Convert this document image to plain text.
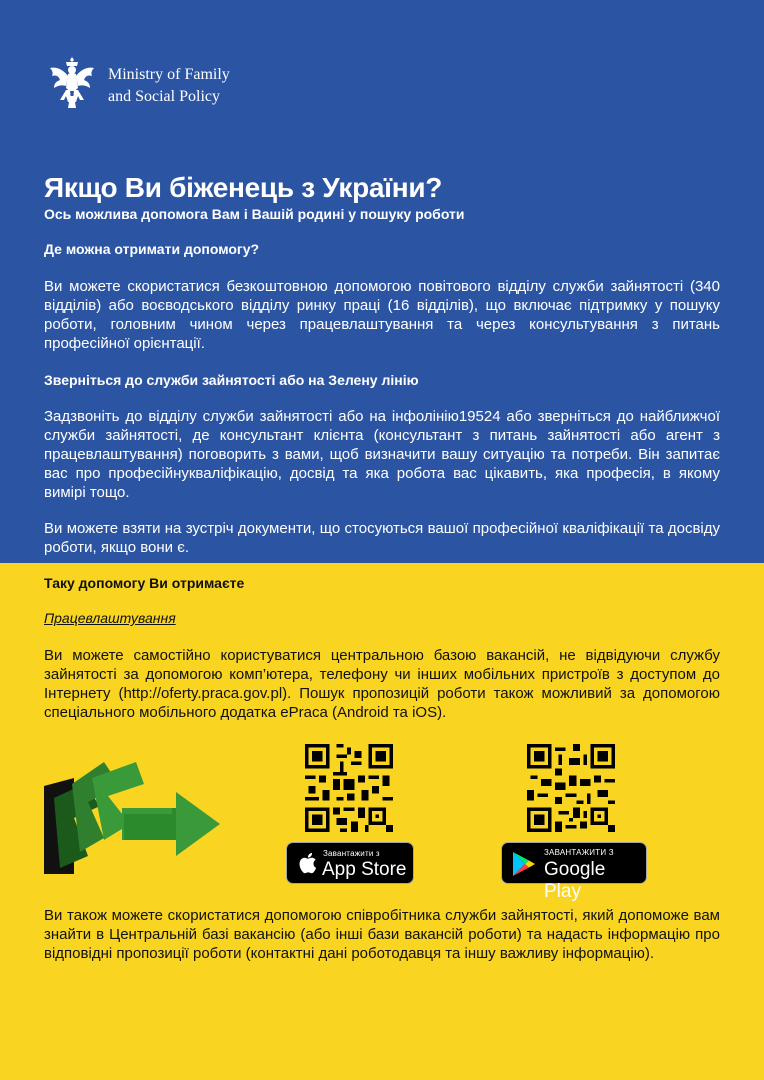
Ministry of Family
and Social Policy
Якщо Ви біженець з України?
Ось можлива допомога Вам і Вашій родині у пошуку роботи
Де можна отримати допомогу?

Ви можете скористатися безкоштовною допомогою повітового відділу служби зайнятості (340 відділів) або воєводського відділу ринку праці (16 відділів), що включає підтримку у пошуку роботи, головним чином через працевлаштування та через консультування з питань професійної орієнтації.

Зверніться до служби зайнятості або на Зелену лінію

Задзвоніть до відділу служби зайнятості або на інфолінію19524 або зверніться до найближчої служби зайнятості, де консультант клієнта (консультант з питань зайнятості або агент з працевлаштування) поговорить з вами, щоб визначити вашу ситуацію та потреби. Він запитає вас про професійнукваліфікацію, досвід та яка робота вас цікавить, яка професія, в якому вимірі тощо.

Ви можете взяти на зустріч документи, що стосуються вашої професійної кваліфікації та досвіду роботи, якщо вони є.

Таку допомогу Ви отримаєте
Працевлаштування

Ви можете самостійно користуватися центральною базою вакансій, не відвідуючи службу зайнятості за допомогою комп’ютера, телефону чи інших мобільних пристроїв з доступом до Інтернету (http://oferty.praca.gov.pl). Пошук пропозицій роботи також можливий за допомогою спеціального мобільного додатка ePraca (Android та iOS).

Завантажити з
App Store
ЗАВАНТАЖИТИ З
Google Play

Ви також можете скористатися допомогою співробітника служби зайнятості, який допоможе вам знайти в Центральній базі вакансію (або інші бази вакансій роботи) та надасть інформацію про відповідні пропозиції роботи (контактні дані роботодавця та іншу важливу інформацію).
